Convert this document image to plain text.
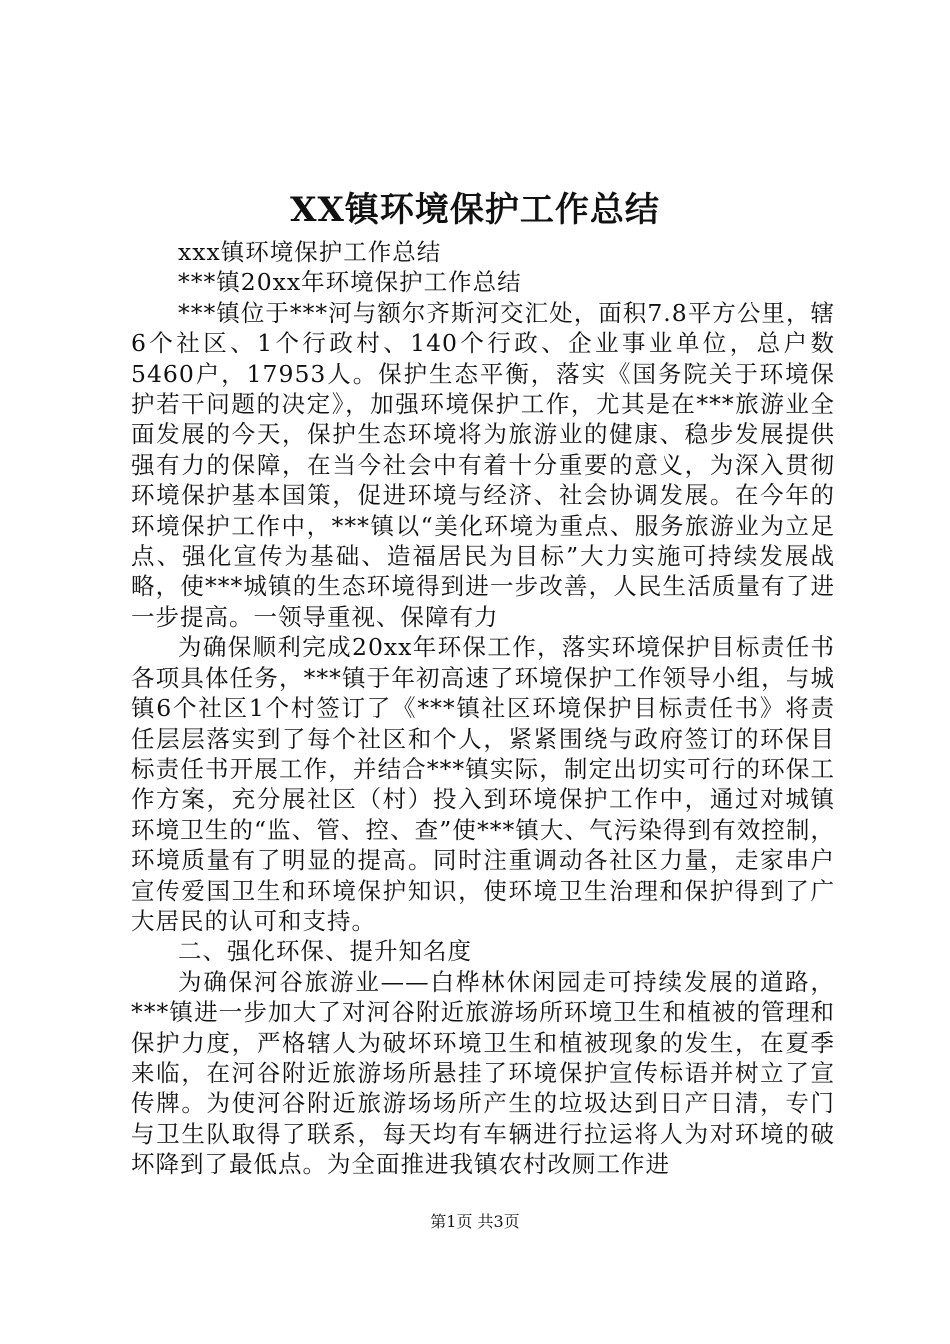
XX镇环境保护工作总结

xxx镇环境保护工作总结

***镇20xx年环境保护工作总结

***镇位于***河与额尔齐斯河交汇处，面积7.8平方公里，辖6个社区、1个行政村、140个行政、企业事业单位，总户数5460户，17953人。保护生态平衡，落实《国务院关于环境保护若干问题的决定》，加强环境保护工作，尤其是在***旅游业全面发展的今天，保护生态环境将为旅游业的健康、稳步发展提供强有力的保障，在当今社会中有着十分重要的意义，为深入贯彻环境保护基本国策，促进环境与经济、社会协调发展。在今年的环境保护工作中，***镇以“美化环境为重点、服务旅游业为立足点、强化宣传为基础、造福居民为目标”大力实施可持续发展战略，使***城镇的生态环境得到进一步改善，人民生活质量有了进一步提高。一领导重视、保障有力

为确保顺利完成20xx年环保工作，落实环境保护目标责任书各项具体任务，***镇于年初高速了环境保护工作领导小组，与城镇6个社区1个村签订了《***镇社区环境保护目标责任书》将责任层层落实到了每个社区和个人，紧紧围绕与政府签订的环保目标责任书开展工作，并结合***镇实际，制定出切实可行的环保工作方案，充分展社区（村）投入到环境保护工作中，通过对城镇环境卫生的“监、管、控、查”使***镇大、气污染得到有效控制，环境质量有了明显的提高。同时注重调动各社区力量，走家串户宣传爱国卫生和环境保护知识，使环境卫生治理和保护得到了广大居民的认可和支持。

二、强化环保、提升知名度

为确保河谷旅游业——白桦林休闲园走可持续发展的道路，***镇进一步加大了对河谷附近旅游场所环境卫生和植被的管理和保护力度，严格辖人为破坏环境卫生和植被现象的发生，在夏季来临，在河谷附近旅游场所悬挂了环境保护宣传标语并树立了宣传牌。为使河谷附近旅游场场所产生的垃圾达到日产日清，专门与卫生队取得了联系，每天均有车辆进行拉运将人为对环境的破坏降到了最低点。为全面推进我镇农村改厕工作进

第1页 共3页
